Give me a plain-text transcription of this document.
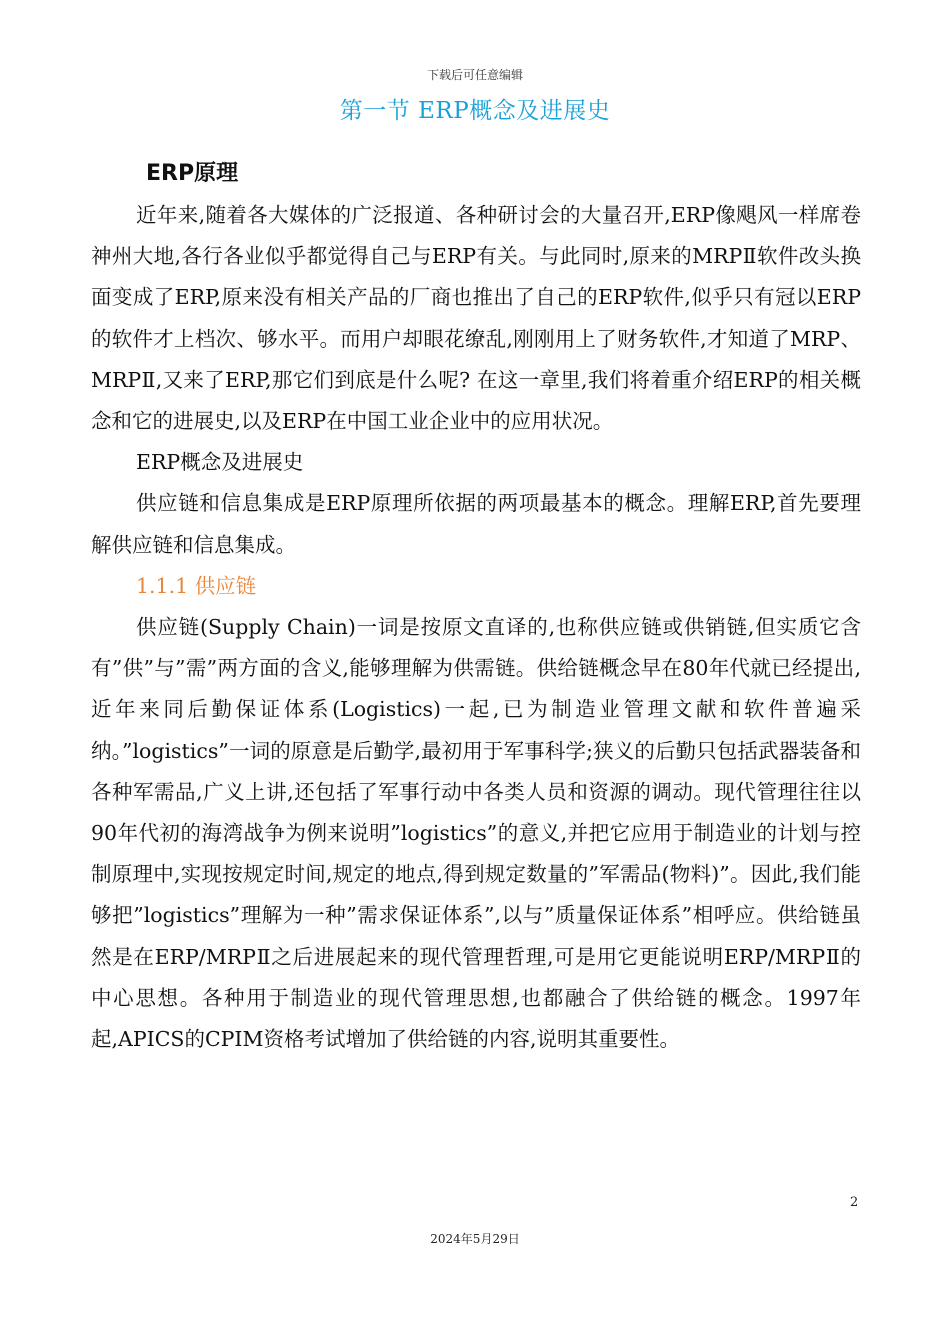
下载后可任意编辑
第一节 ERP概念及进展史
ERP原理

近年来,随着各大媒体的广泛报道、各种研讨会的大量召开,ERP像飓风一样席卷神州大地,各行各业似乎都觉得自己与ERP有关。与此同时,原来的MRPⅡ软件改头换面变成了ERP,原来没有相关产品的厂商也推出了自己的ERP软件,似乎只有冠以ERP的软件才上档次、够水平。而用户却眼花缭乱,刚刚用上了财务软件,才知道了MRP、MRPⅡ,又来了ERP,那它们到底是什么呢? 在这一章里,我们将着重介绍ERP的相关概念和它的进展史,以及ERP在中国工业企业中的应用状况。

ERP概念及进展史

供应链和信息集成是ERP原理所依据的两项最基本的概念。理解ERP,首先要理解供应链和信息集成。

1.1.1 供应链

供应链(Supply Chain)一词是按原文直译的,也称供应链或供销链,但实质它含有”供”与”需”两方面的含义,能够理解为供需链。供给链概念早在80年代就已经提出,近年来同后勤保证体系(Logistics)一起,已为制造业管理文献和软件普遍采纳。”logistics”一词的原意是后勤学,最初用于军事科学;狭义的后勤只包括武器装备和各种军需品,广义上讲,还包括了军事行动中各类人员和资源的调动。现代管理往往以90年代初的海湾战争为例来说明”logistics”的意义,并把它应用于制造业的计划与控制原理中,实现按规定时间,规定的地点,得到规定数量的”军需品(物料)”。因此,我们能够把”logistics”理解为一种”需求保证体系”,以与”质量保证体系”相呼应。供给链虽然是在ERP/MRPⅡ之后进展起来的现代管理哲理,可是用它更能说明ERP/MRPⅡ的中心思想。各种用于制造业的现代管理思想,也都融合了供给链的概念。1997年起,APICS的CPIM资格考试增加了供给链的内容,说明其重要性。

2
2024年5月29日
